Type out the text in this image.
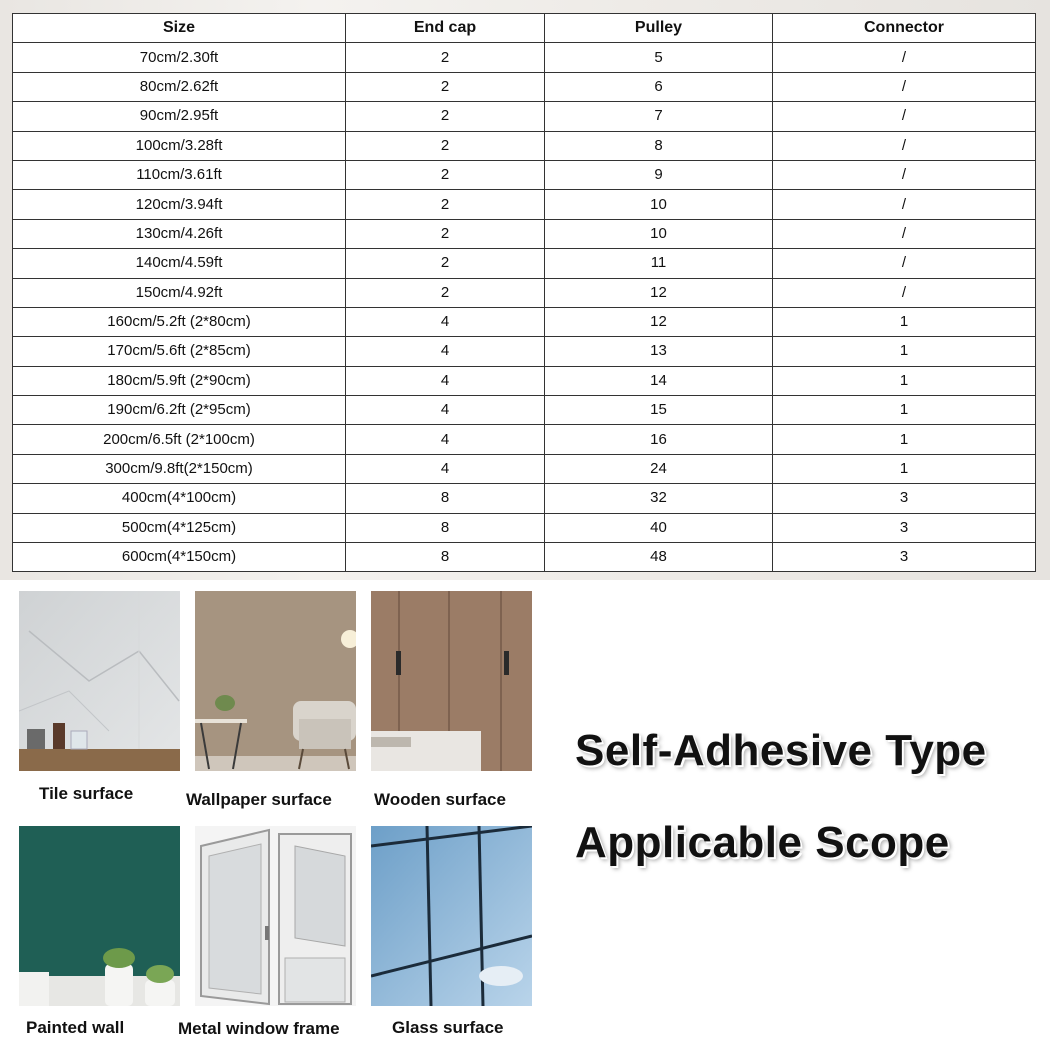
Size	End cap	Pulley	Connector
70cm/2.30ft	2	5	/
80cm/2.62ft	2	6	/
90cm/2.95ft	2	7	/
100cm/3.28ft	2	8	/
110cm/3.61ft	2	9	/
120cm/3.94ft	2	10	/
130cm/4.26ft	2	10	/
140cm/4.59ft	2	11	/
150cm/4.92ft	2	12	/
160cm/5.2ft (2*80cm)	4	12	1
170cm/5.6ft (2*85cm)	4	13	1
180cm/5.9ft (2*90cm)	4	14	1
190cm/6.2ft (2*95cm)	4	15	1
200cm/6.5ft (2*100cm)	4	16	1
300cm/9.8ft(2*150cm)	4	24	1
400cm(4*100cm)	8	32	3
500cm(4*125cm)	8	40	3
600cm(4*150cm)	8	48	3
Tile surface	Wallpaper surface Wooden surface
Painted wall	Metal window frame	Glass surface
Self-Adhesive Type
Applicable Scope
